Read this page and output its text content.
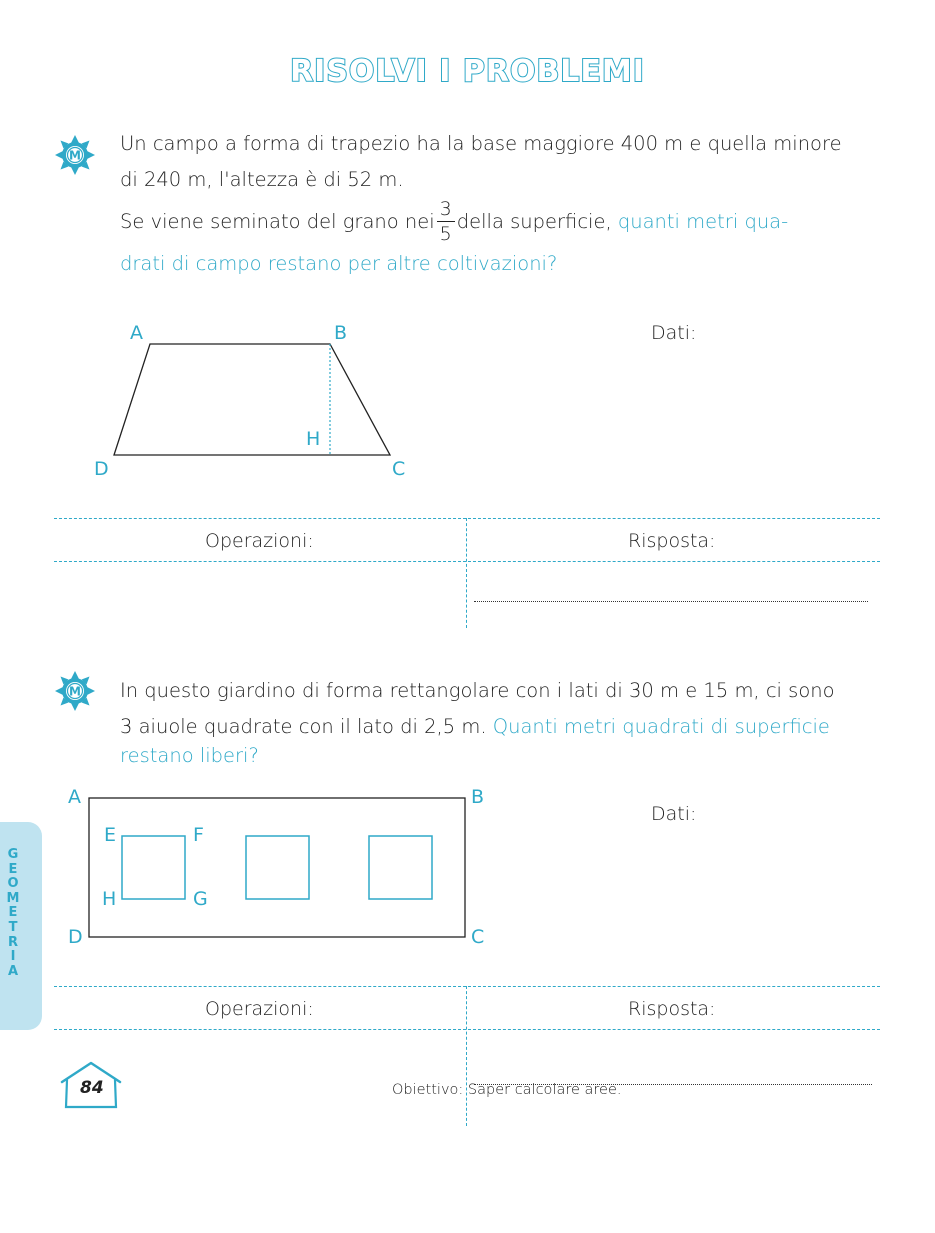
RISOLVI I PROBLEMI
M
Un campo a forma di trapezio ha la base maggiore 400 m e quella minore
di 240 m, l'altezza è di 52 m.
Se viene seminato del grano nei $\frac{3}{5}$ della superficie,
quanti metri qua-
drati di campo restano per altre coltivazioni?
A	B
C
D
H
Dati:
Operazioni:	Risposta:
M In questo giardino di forma rettangolare con i lati di 30 m e 15 m, ci sono
3 aiuole quadrate con il lato di 2,5 m. Quanti metri quadrati di superficie
restano liberi?
A	B
C
D
E	F
G
H
Dati:
Operazioni:	Risposta:
G
E
O
M
E
T
R
I
A
84	Obiettivo: Saper calcolare aree.
